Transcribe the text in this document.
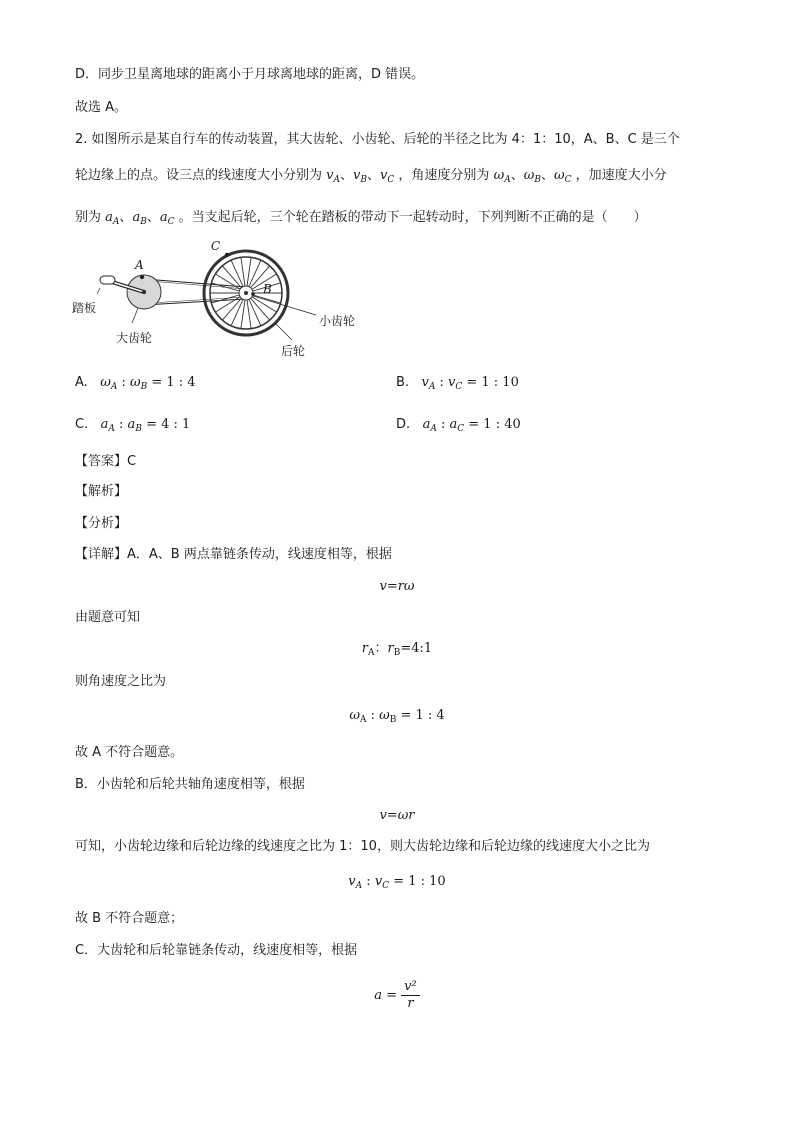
D．同步卫星离地球的距离小于月球离地球的距离，D 错误。
故选 A。
2. 如图所示是某自行车的传动装置，其大齿轮、小齿轮、后轮的半径之比为 4：1：10，A、B、C 是三个
轮边缘上的点。设三点的线速度大小分别为 $v_A$、$v_B$、$v_C$ ，角速度分别为 $\omega_A$、$\omega_B$、$\omega_C$ ，加速度大小分
别为 $a_A$、$a_B$、$a_C$ 。当支起后轮，三个轮在踏板的带动下一起转动时，下列判断不正确的是（　　）
踏板
大齿轮
小齿轮
后轮
A
B
C
A. $\omega_A$ : $\omega_B = 1$ : 4	B. $v_A$ : $v_C = 1$ : 10
C. $a_A$ : $a_B = 4$ : 1	D. $a_A$ : $a_C = 1$ : 40
【答案】C
【解析】
【分析】
【详解】A．A、B 两点靠链条传动，线速度相等，根据
v=rω
由题意可知
$r_A$：$r_B=4:1$
则角速度之比为
$\omega_A$ : $\omega_B = 1$ : 4
故 A 不符合题意。
B．小齿轮和后轮共轴角速度相等，根据
v=ωr
可知，小齿轮边缘和后轮边缘的线速度之比为 1：10，则大齿轮边缘和后轮边缘的线速度大小之比为
$v_A$ : $v_C = 1$ : 10
故 B 不符合题意；
C．大齿轮和后轮靠链条传动，线速度相等，根据
$a = \frac{\text{v²}}{r}$
